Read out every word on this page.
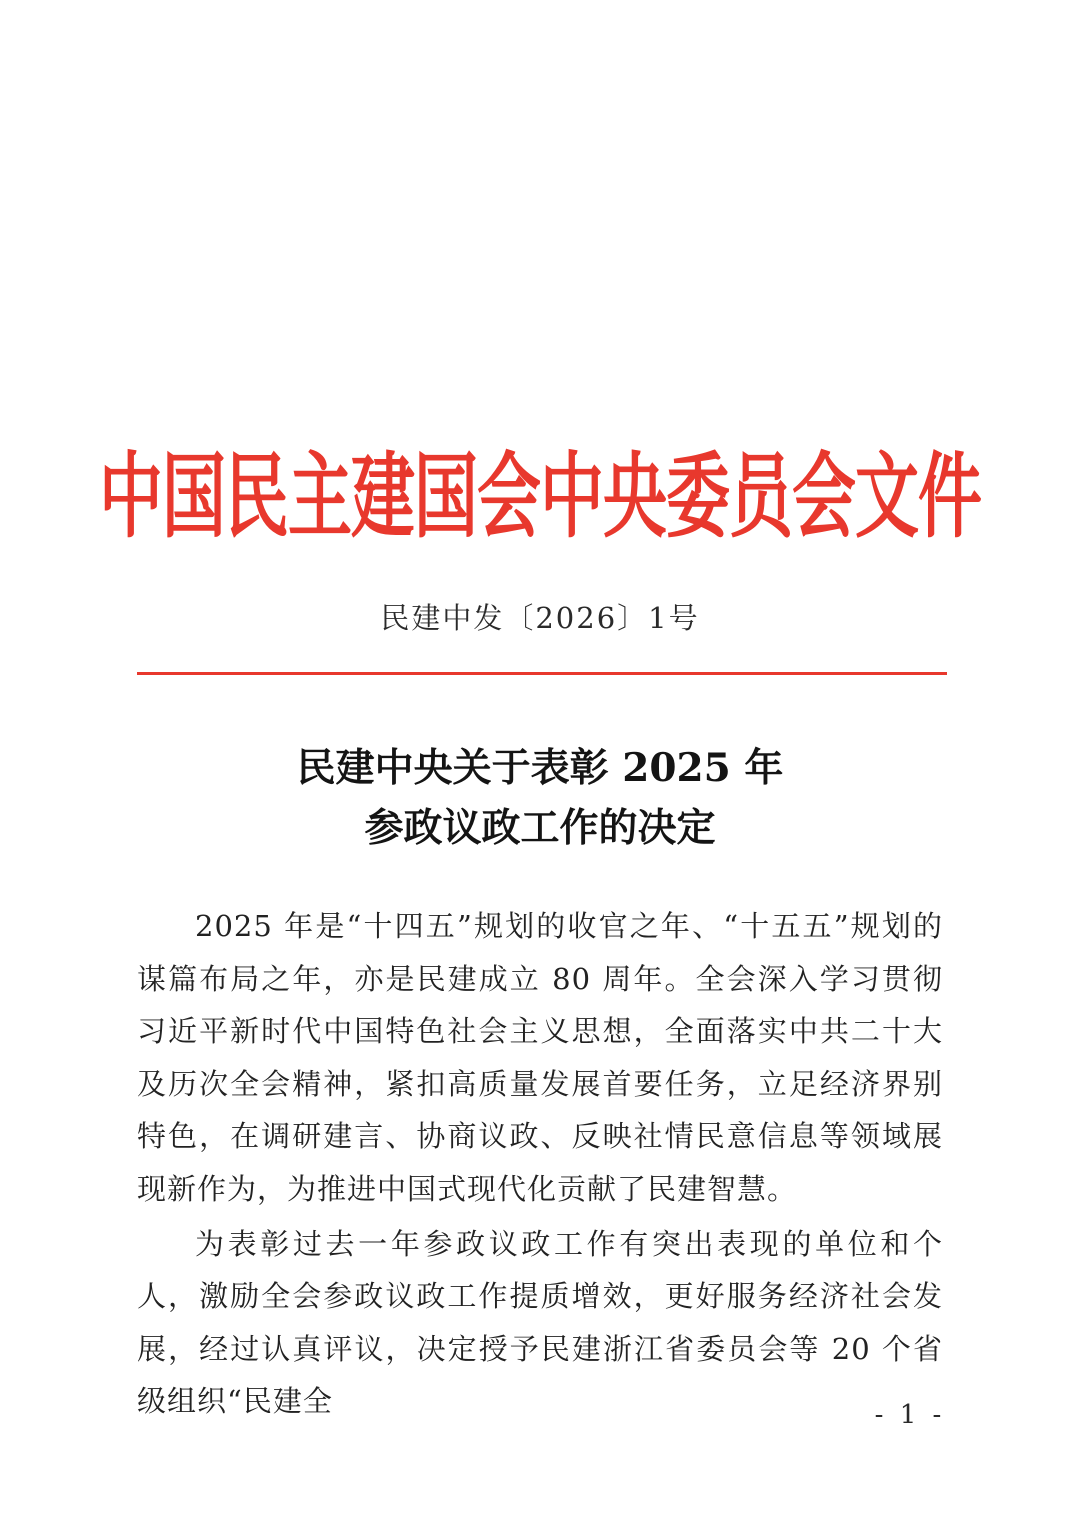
中国民主建国会中央委员会文件
民建中发〔2026〕1号
民建中央关于表彰 2025 年
参政议政工作的决定

2025 年是“十四五”规划的收官之年、“十五五”规划的谋篇布局之年，亦是民建成立 80 周年。全会深入学习贯彻习近平新时代中国特色社会主义思想，全面落实中共二十大及历次全会精神，紧扣高质量发展首要任务，立足经济界别特色，在调研建言、协商议政、反映社情民意信息等领域展现新作为，为推进中国式现代化贡献了民建智慧。

为表彰过去一年参政议政工作有突出表现的单位和个人，激励全会参政议政工作提质增效，更好服务经济社会发展，经过认真评议，决定授予民建浙江省委员会等 20 个省级组织“民建全	- 1 -
